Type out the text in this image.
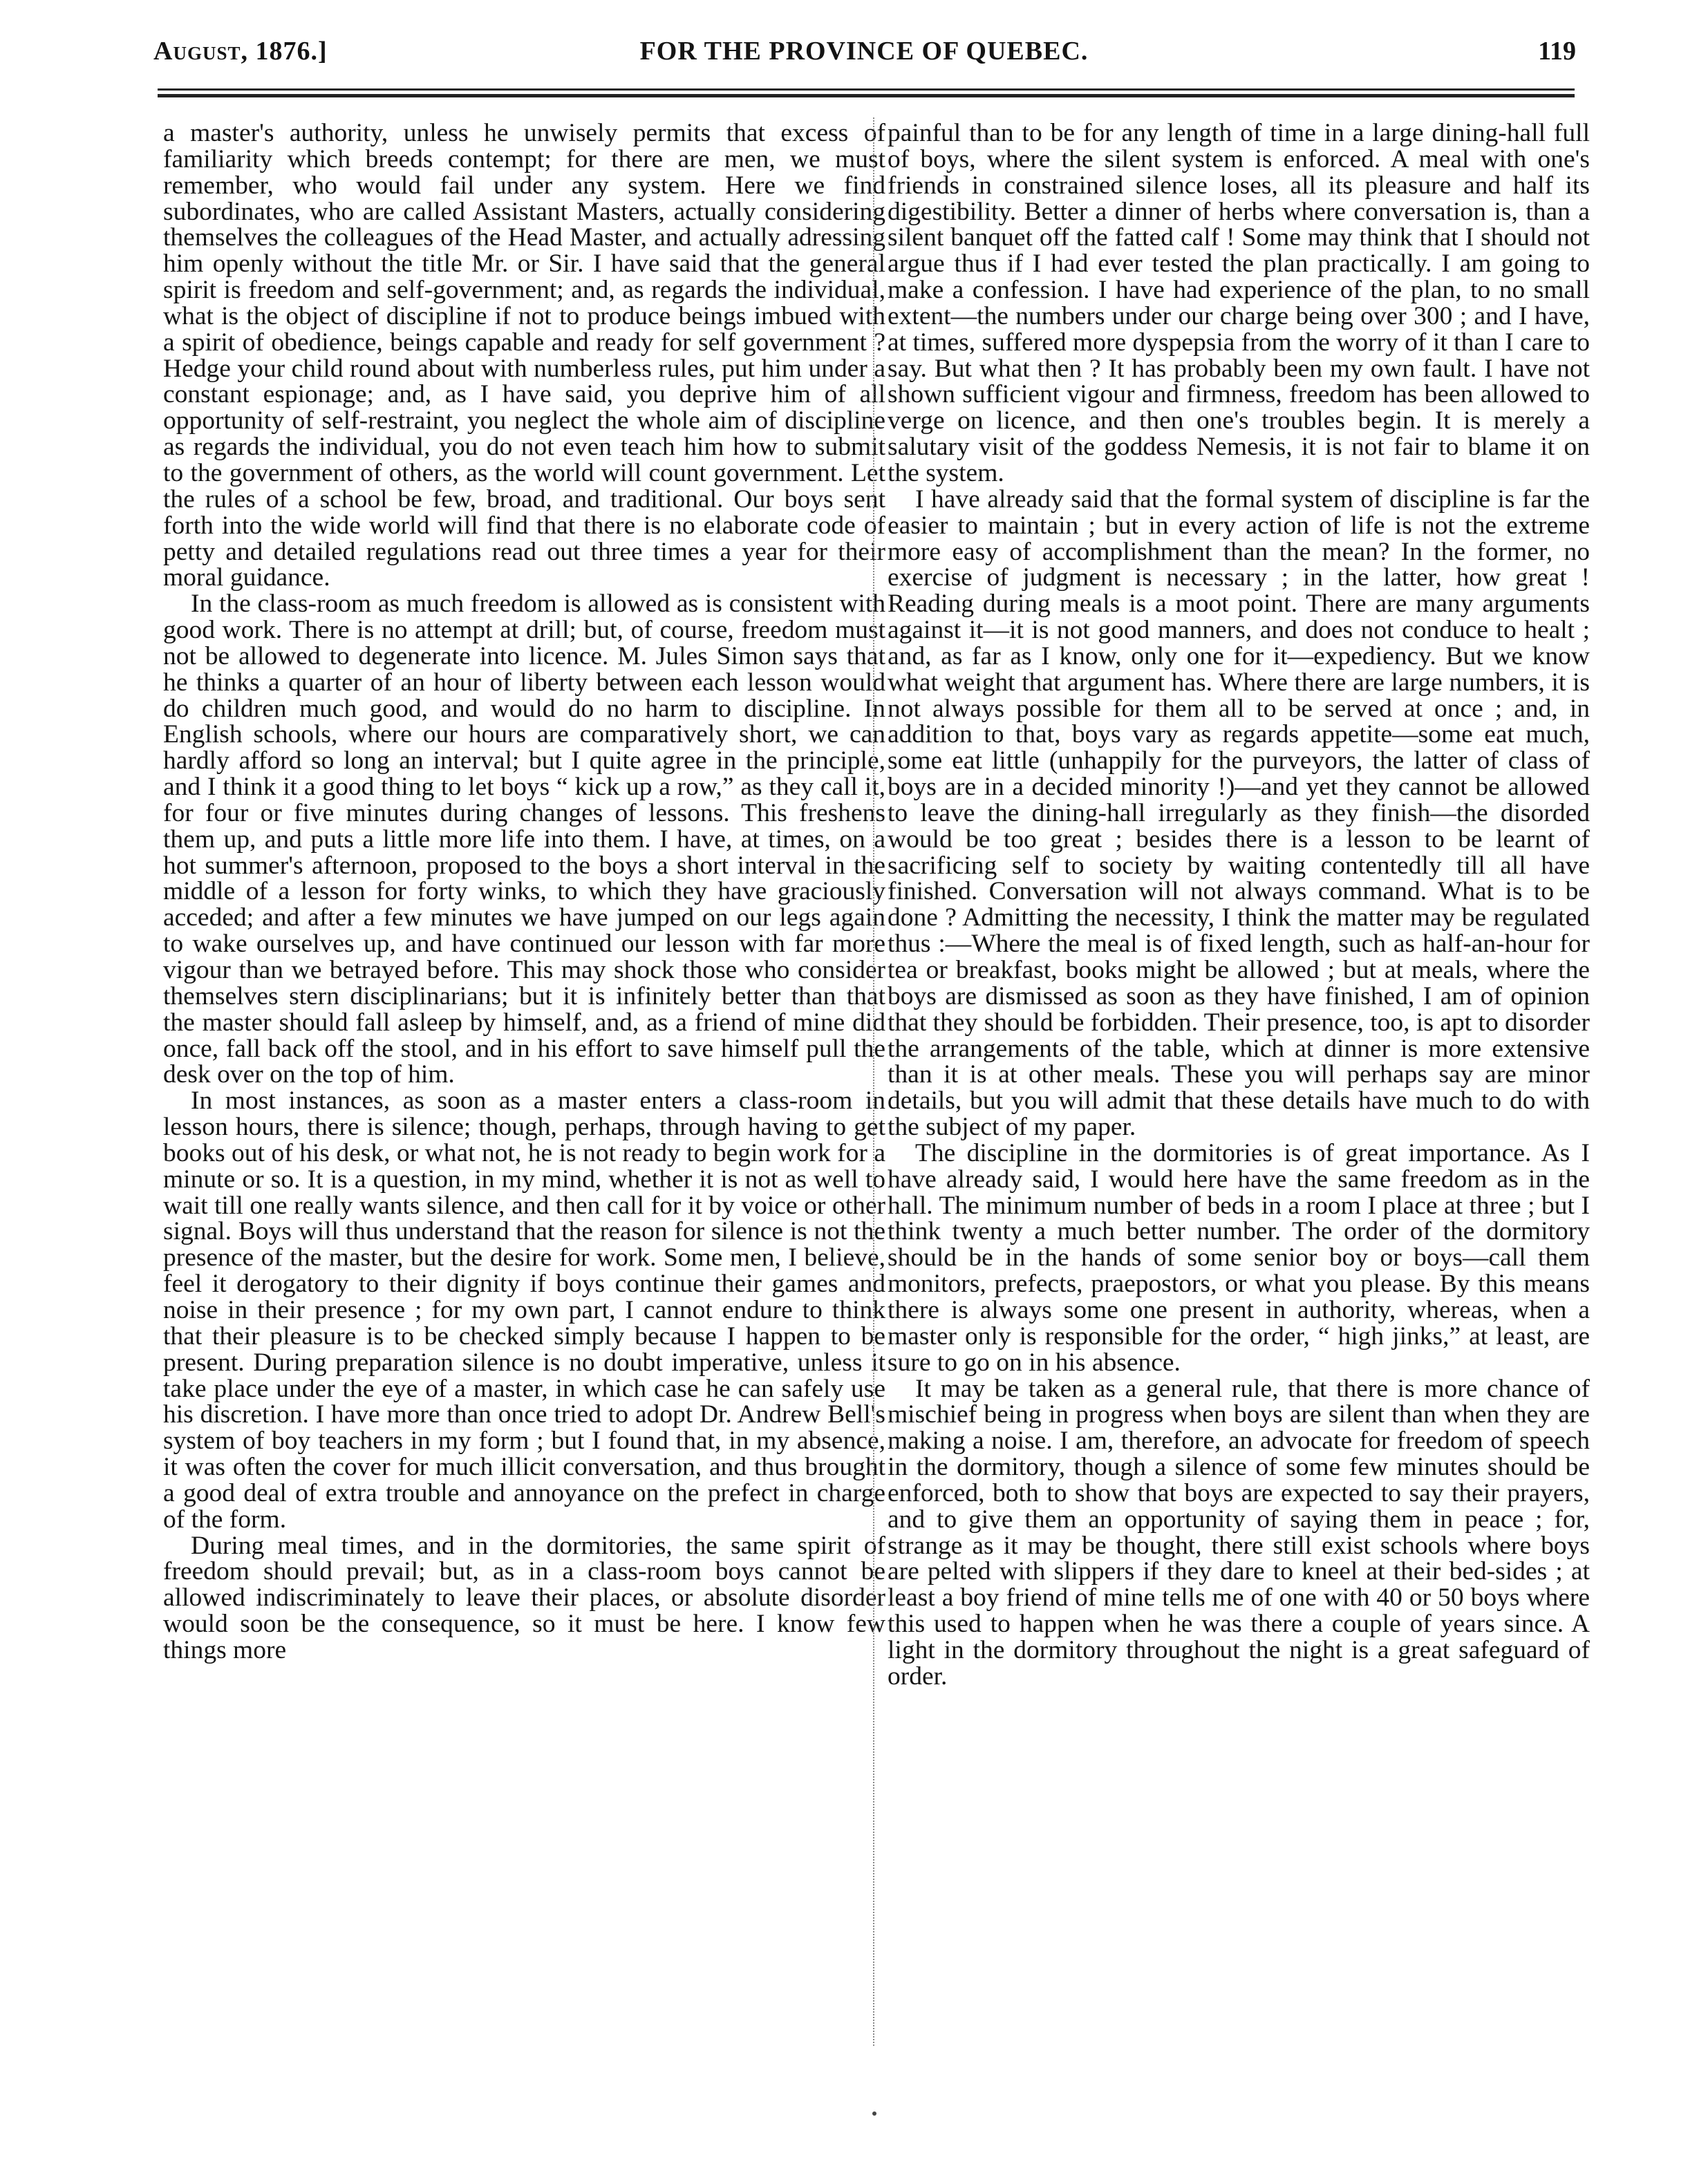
August, 1876.]	FOR THE PROVINCE OF QUEBEC.	119

a master's authority, unless he unwisely permits that excess of familiarity which breeds contempt; for there are men, we must remember, who would fail under any system. Here we find subordinates, who are called Assistant Masters, actually considering themselves the colleagues of the Head Master, and actually adressing him openly without the title Mr. or Sir. I have said that the general spirit is freedom and self-government; and, as regards the individual, what is the object of discipline if not to produce beings imbued with a spirit of obedience, beings capable and ready for self government ? Hedge your child round about with numberless rules, put him under a constant espionage; and, as I have said, you deprive him of all opportunity of self-restraint, you neglect the whole aim of discipline as regards the individual, you do not even teach him how to submit to the government of others, as the world will count government. Let the rules of a school be few, broad, and traditional. Our boys sent forth into the wide world will find that there is no elaborate code of petty and detailed regulations read out three times a year for their moral guidance.

In the class-room as much freedom is allowed as is consistent with good work. There is no attempt at drill; but, of course, freedom must not be allowed to degenerate into licence. M. Jules Simon says that he thinks a quarter of an hour of liberty between each lesson would do children much good, and would do no harm to discipline. In English schools, where our hours are comparatively short, we can hardly afford so long an interval; but I quite agree in the principle, and I think it a good thing to let boys “ kick up a row,” as they call it, for four or five minutes during changes of lessons. This freshens them up, and puts a little more life into them. I have, at times, on a hot summer's afternoon, proposed to the boys a short interval in the middle of a lesson for forty winks, to which they have graciously acceded; and after a few minutes we have jumped on our legs again to wake ourselves up, and have continued our lesson with far more vigour than we betrayed before. This may shock those who consider themselves stern disciplinarians; but it is infinitely better than that the master should fall asleep by himself, and, as a friend of mine did once, fall back off the stool, and in his effort to save himself pull the desk over on the top of him.

In most instances, as soon as a master enters a class-room in lesson hours, there is silence; though, perhaps, through having to get books out of his desk, or what not, he is not ready to begin work for a minute or so. It is a question, in my mind, whether it is not as well to wait till one really wants silence, and then call for it by voice or other signal. Boys will thus understand that the reason for silence is not the presence of the master, but the desire for work. Some men, I believe, feel it derogatory to their dignity if boys continue their games and noise in their presence ; for my own part, I cannot endure to think that their pleasure is to be checked simply because I happen to be present. During preparation silence is no doubt imperative, unless it take place under the eye of a master, in which case he can safely use his discretion. I have more than once tried to adopt Dr. Andrew Bell's system of boy teachers in my form ; but I found that, in my absence, it was often the cover for much illicit conversation, and thus brought a good deal of extra trouble and annoyance on the prefect in charge of the form.

During meal times, and in the dormitories, the same spirit of freedom should prevail; but, as in a class-room boys cannot be allowed indiscriminately to leave their places, or absolute disorder would soon be the consequence, so it must be here. I know few things more

painful than to be for any length of time in a large dining-hall full of boys, where the silent system is enforced. A meal with one's friends in constrained silence loses, all its pleasure and half its digestibility. Better a dinner of herbs where conversation is, than a silent banquet off the fatted calf ! Some may think that I should not argue thus if I had ever tested the plan practically. I am going to make a confession. I have had experience of the plan, to no small extent—the numbers under our charge being over 300 ; and I have, at times, suffered more dyspepsia from the worry of it than I care to say. But what then ? It has probably been my own fault. I have not shown sufficient vigour and firmness, freedom has been allowed to verge on licence, and then one's troubles begin. It is merely a salutary visit of the goddess Nemesis, it is not fair to blame it on the system.

I have already said that the formal system of discipline is far the easier to maintain ; but in every action of life is not the extreme more easy of accomplishment than the mean? In the former, no exercise of judgment is necessary ; in the latter, how great ! Reading during meals is a moot point. There are many arguments against it—it is not good manners, and does not conduce to healt ; and, as far as I know, only one for it—expediency. But we know what weight that argument has. Where there are large numbers, it is not always possible for them all to be served at once ; and, in addition to that, boys vary as regards appetite—some eat much, some eat little (unhappily for the purveyors, the latter of class of boys are in a decided minority !)—and yet they cannot be allowed to leave the dining-hall irregularly as they finish—the disorded would be too great ; besides there is a lesson to be learnt of sacrificing self to society by waiting contentedly till all have finished. Conversation will not always command. What is to be done ? Admitting the necessity, I think the matter may be regulated thus :—Where the meal is of fixed length, such as half-an-hour for tea or breakfast, books might be allowed ; but at meals, where the boys are dismissed as soon as they have finished, I am of opinion that they should be forbidden. Their presence, too, is apt to disorder the arrangements of the table, which at dinner is more extensive than it is at other meals. These you will perhaps say are minor details, but you will admit that these details have much to do with the subject of my paper.

The discipline in the dormitories is of great importance. As I have already said, I would here have the same freedom as in the hall. The minimum number of beds in a room I place at three ; but I think twenty a much better number. The order of the dormitory should be in the hands of some senior boy or boys—call them monitors, prefects, praepostors, or what you please. By this means there is always some one present in authority, whereas, when a master only is responsible for the order, “ high jinks,” at least, are sure to go on in his absence.

It may be taken as a general rule, that there is more chance of mischief being in progress when boys are silent than when they are making a noise. I am, therefore, an advocate for freedom of speech in the dormitory, though a silence of some few minutes should be enforced, both to show that boys are expected to say their prayers, and to give them an opportunity of saying them in peace ; for, strange as it may be thought, there still exist schools where boys are pelted with slippers if they dare to kneel at their bed-sides ; at least a boy friend of mine tells me of one with 40 or 50 boys where this used to happen when he was there a couple of years since. A light in the dormitory throughout the night is a great safeguard of order.
